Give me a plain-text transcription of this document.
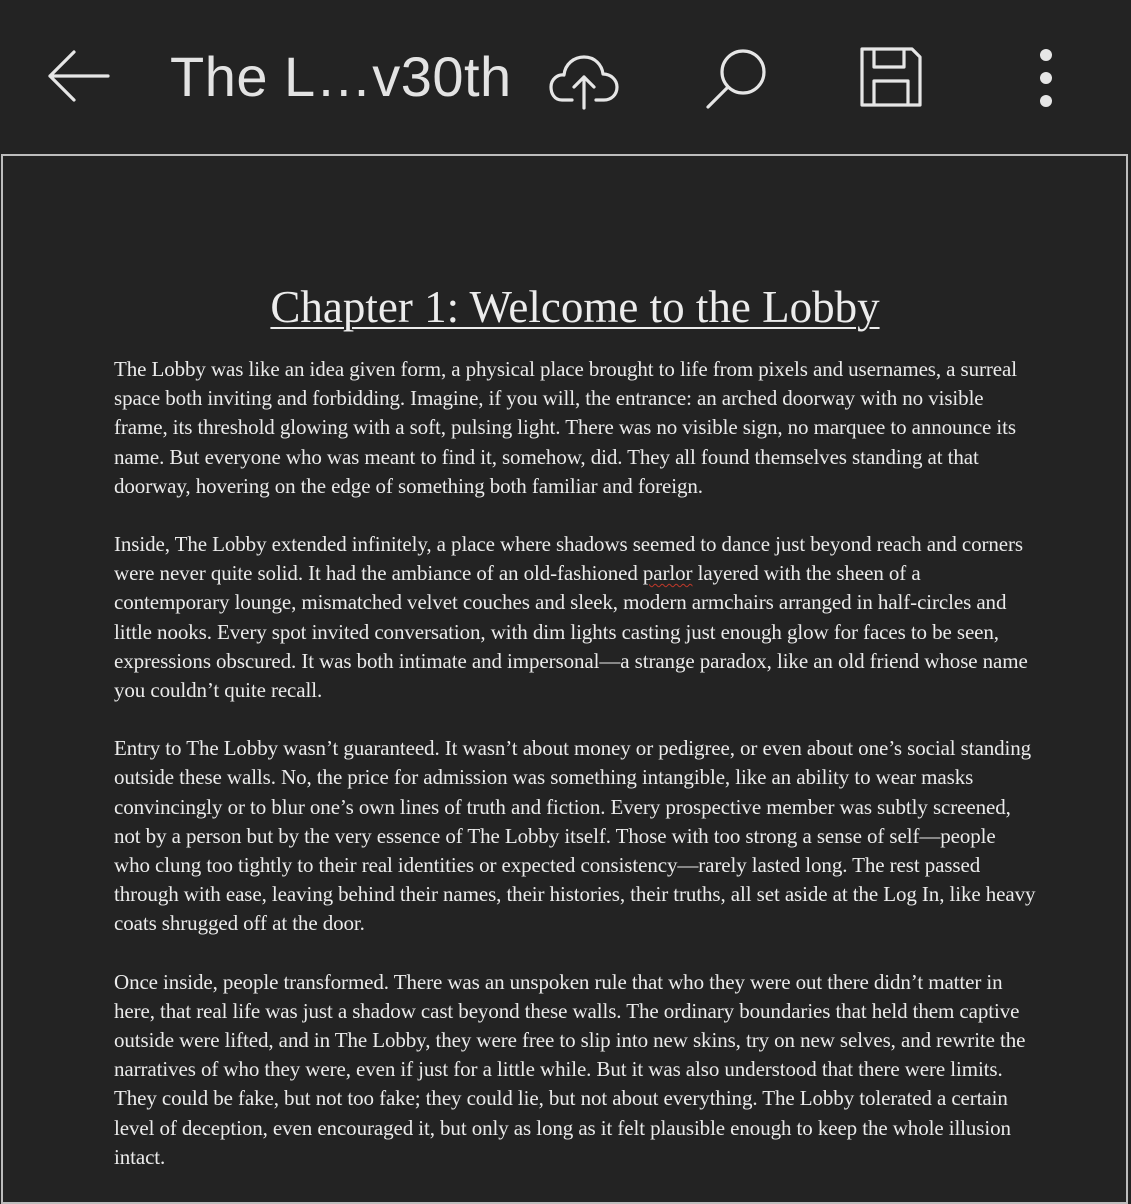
The L…v30th
Chapter 1: Welcome to the Lobby

The Lobby was like an idea given form, a physical place brought to life from pixels and usernames, a surreal space both inviting and forbidding. Imagine, if you will, the entrance: an arched doorway with no visible frame, its threshold glowing with a soft, pulsing light. There was no visible sign, no marquee to announce its name. But everyone who was meant to find it, somehow, did. They all found themselves standing at that doorway, hovering on the edge of something both familiar and foreign.

Inside, The Lobby extended infinitely, a place where shadows seemed to dance just beyond reach and corners were never quite solid. It had the ambiance of an old-fashioned parlor layered with the sheen of a contemporary lounge, mismatched velvet couches and sleek, modern armchairs arranged in half-circles and little nooks. Every spot invited conversation, with dim lights casting just enough glow for faces to be seen, expressions obscured. It was both intimate and impersonal—a strange paradox, like an old friend whose name you couldn’t quite recall.

Entry to The Lobby wasn’t guaranteed. It wasn’t about money or pedigree, or even about one’s social standing outside these walls. No, the price for admission was something intangible, like an ability to wear masks convincingly or to blur one’s own lines of truth and fiction. Every prospective member was subtly screened, not by a person but by the very essence of The Lobby itself. Those with too strong a sense of self—people who clung too tightly to their real identities or expected consistency—rarely lasted long. The rest passed through with ease, leaving behind their names, their histories, their truths, all set aside at the Log In, like heavy coats shrugged off at the door.

Once inside, people transformed. There was an unspoken rule that who they were out there didn’t matter in here, that real life was just a shadow cast beyond these walls. The ordinary boundaries that held them captive outside were lifted, and in The Lobby, they were free to slip into new skins, try on new selves, and rewrite the narratives of who they were, even if just for a little while. But it was also understood that there were limits. They could be fake, but not too fake; they could lie, but not about everything. The Lobby tolerated a certain level of deception, even encouraged it, but only as long as it felt plausible enough to keep the whole illusion intact.
